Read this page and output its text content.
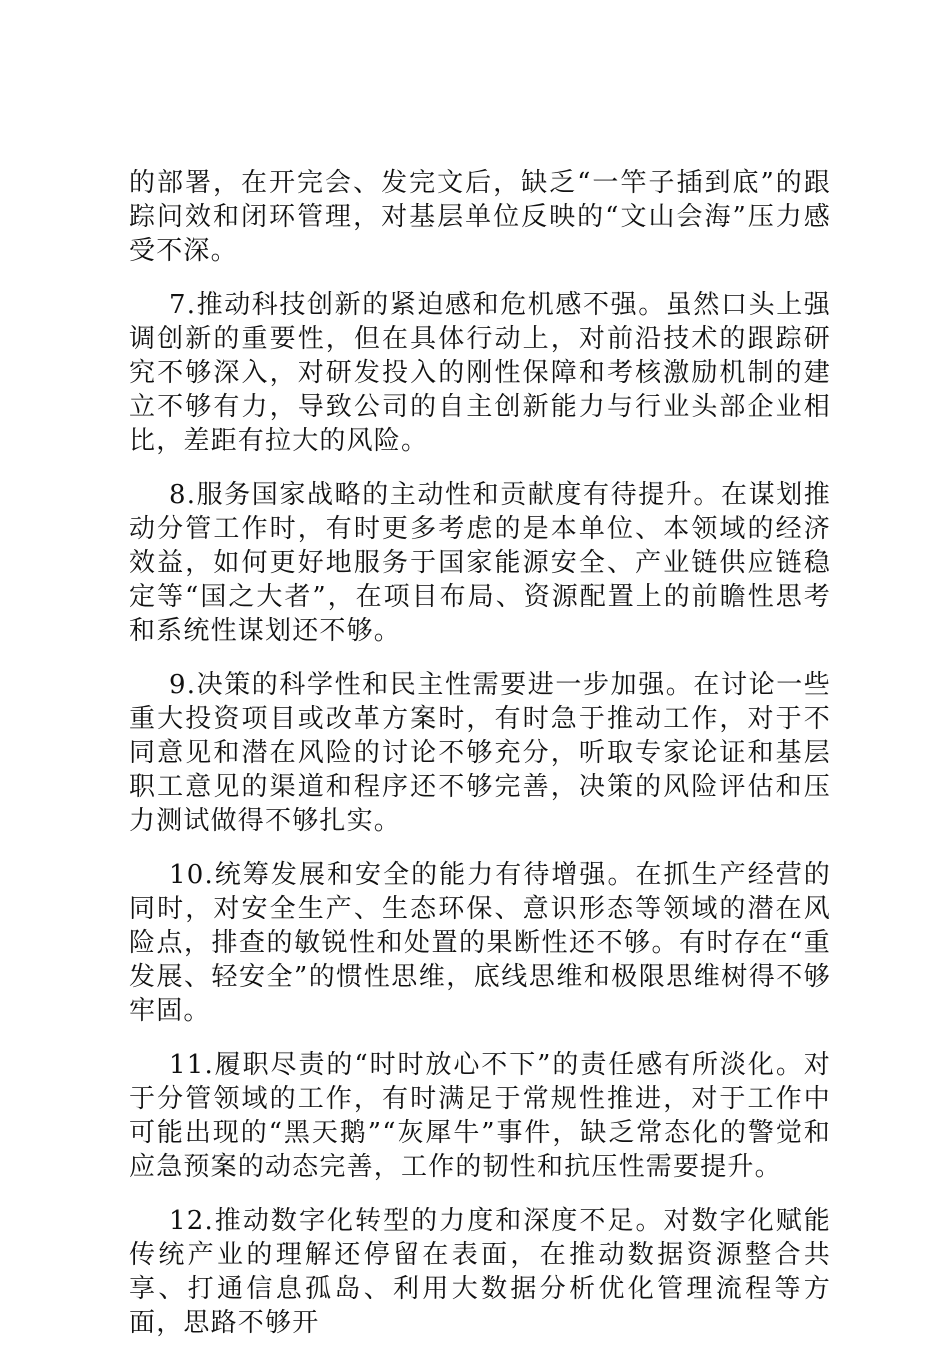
的部署，在开完会、发完文后，缺乏“一竿子插到底”的跟踪问效和闭环管理，对基层单位反映的“文山会海”压力感受不深。

7.推动科技创新的紧迫感和危机感不强。虽然口头上强调创新的重要性，但在具体行动上，对前沿技术的跟踪研究不够深入，对研发投入的刚性保障和考核激励机制的建立不够有力，导致公司的自主创新能力与行业头部企业相比，差距有拉大的风险。

8.服务国家战略的主动性和贡献度有待提升。在谋划推动分管工作时，有时更多考虑的是本单位、本领域的经济效益，如何更好地服务于国家能源安全、产业链供应链稳定等“国之大者”，在项目布局、资源配置上的前瞻性思考和系统性谋划还不够。

9.决策的科学性和民主性需要进一步加强。在讨论一些重大投资项目或改革方案时，有时急于推动工作，对于不同意见和潜在风险的讨论不够充分，听取专家论证和基层职工意见的渠道和程序还不够完善，决策的风险评估和压力测试做得不够扎实。

10.统筹发展和安全的能力有待增强。在抓生产经营的同时，对安全生产、生态环保、意识形态等领域的潜在风险点，排查的敏锐性和处置的果断性还不够。有时存在“重发展、轻安全”的惯性思维，底线思维和极限思维树得不够牢固。

11.履职尽责的“时时放心不下”的责任感有所淡化。对于分管领域的工作，有时满足于常规性推进，对于工作中可能出现的“黑天鹅”“灰犀牛”事件，缺乏常态化的警觉和应急预案的动态完善，工作的韧性和抗压性需要提升。

12.推动数字化转型的力度和深度不足。对数字化赋能传统产业的理解还停留在表面，在推动数据资源整合共享、打通信息孤岛、利用大数据分析优化管理流程等方面，思路不够开
